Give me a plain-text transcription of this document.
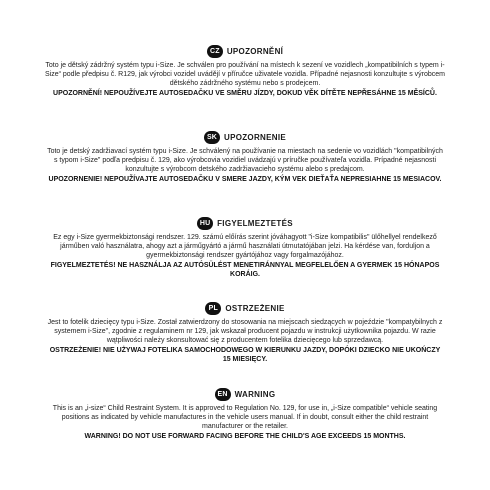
CZ UPOZORNĚNÍ
Toto je dětský zádržný systém typu i-Size. Je schválen pro používání na místech k sezení ve vozidlech „kompatibilních s typem i-Size“ podle předpisu č. R129, jak výrobci vozidel uvádějí v příručce uživatele vozidla. Případné nejasnosti konzultujte s výrobcem dětského zádržného systému nebo s prodejcem.
UPOZORNĚNÍ! NEPOUŽÍVEJTE AUTOSEDAČKU VE SMĚRU JÍZDY, DOKUD VĚK DÍTĚTE NEPŘESÁHNE 15 MĚSÍCŮ.
SK UPOZORNENIE
Toto je detský zadržiavací systém typu i-Size. Je schválený na používanie na miestach na sedenie vo vozidlách "kompatibilných s typom i-Size" podľa predpisu č. 129, ako výrobcovia vozidiel uvádzajú v príručke používateľa vozidla. Prípadné nejasnosti konzultujte s výrobcom detského zadržiavacieho systému alebo s predajcom.
UPOZORNENIE! NEPOUŽÍVAJTE AUTOSEDAČKU V SMERE JAZDY, KÝM VEK DIEŤAŤA NEPRESIAHNE 15 MESIACOV.
HU FIGYELMEZTETÉS
Ez egy i-Size gyermekbiztonsági rendszer. 129. számú előírás szerint jóváhagyott "i-Size kompatibilis" ülőhellyel rendelkező járműben való használatra, ahogy azt a járműgyártó a jármű használati útmutatójában jelzi. Ha kérdése van, forduljon a gyermekbiztonsági rendszer gyártójához vagy forgalmazójához.
FIGYELMEZTETÉS! NE HASZNÁLJA AZ AUTÓSÜLÉST MENETIRÁNNYAL MEGFELELŐEN A GYERMEK 15 HÓNAPOS KORÁIG.
PL OSTRZEŻENIE
Jest to fotelik dziecięcy typu i-Size. Został zatwierdzony do stosowania na miejscach siedzących w pojeździe "kompatybilnych z systemem i-Size", zgodnie z regulaminem nr 129, jak wskazał producent pojazdu w instrukcji użytkownika pojazdu. W razie wątpliwości należy skonsultować się z producentem fotelika dziecięcego lub sprzedawcą.
OSTRZEŻENIE! NIE UŻYWAJ FOTELIKA SAMOCHODOWEGO W KIERUNKU JAZDY, DOPÓKI DZIECKO NIE UKOŃCZY 15 MIESIĘCY.
EN WARNING
This is an „i-size“ Child Restraint System. It is approved to Regulation No. 129, for use in, „i-Size compatible“ vehicle seating positions as indicated by vehicle manufactures in the vehicle users manual. If in doubt, consult either the child restraint manufacturer or the retailer.
WARNING! DO NOT USE FORWARD FACING BEFORE THE CHILD'S AGE EXCEEDS 15 MONTHS.
